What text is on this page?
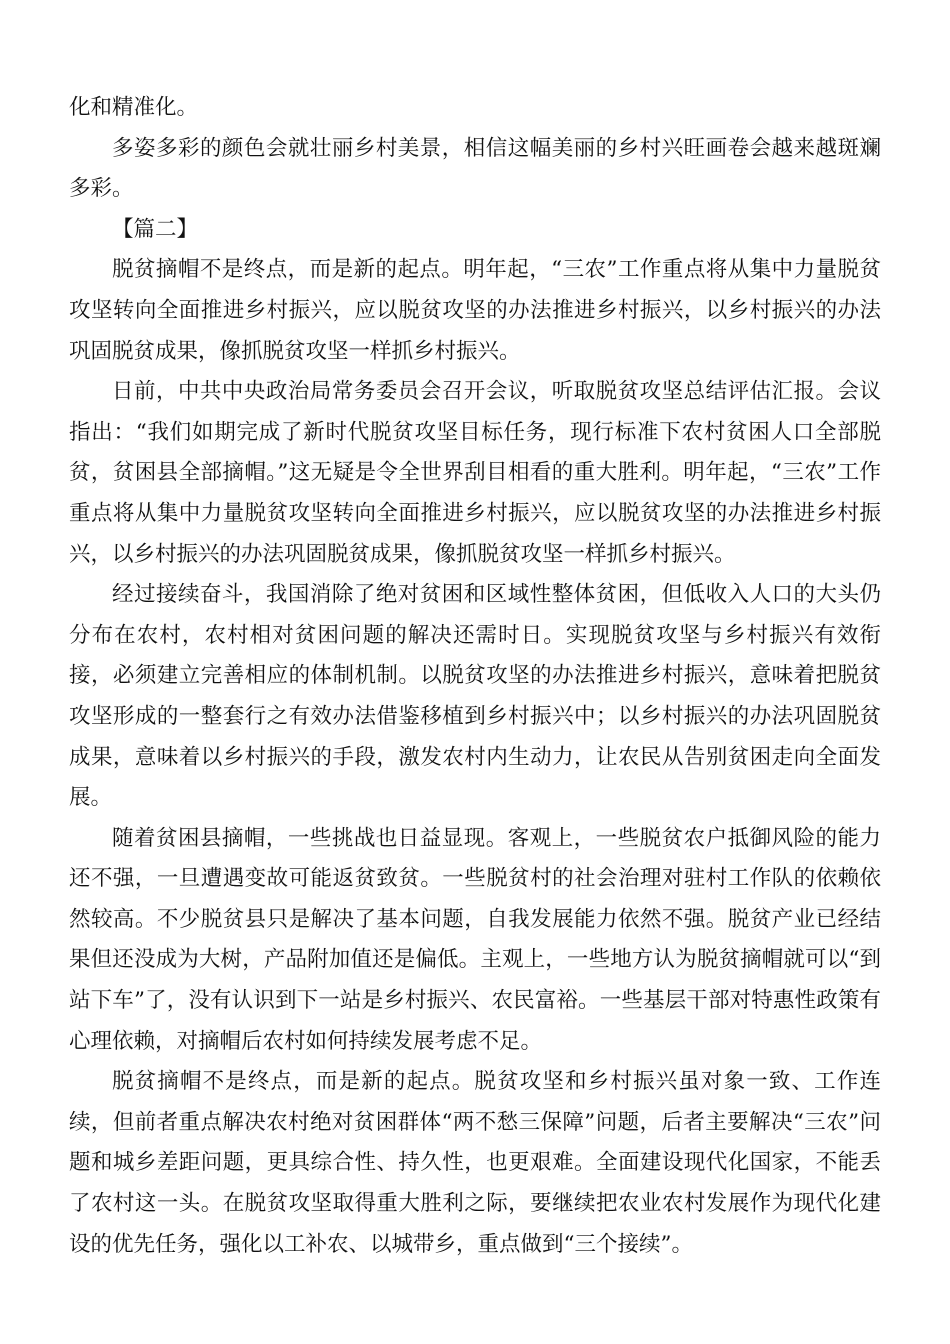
化和精准化。

多姿多彩的颜色会就壮丽乡村美景，相信这幅美丽的乡村兴旺画卷会越来越斑斓多彩。

【篇二】

脱贫摘帽不是终点，而是新的起点。明年起，“三农”工作重点将从集中力量脱贫攻坚转向全面推进乡村振兴，应以脱贫攻坚的办法推进乡村振兴，以乡村振兴的办法巩固脱贫成果，像抓脱贫攻坚一样抓乡村振兴。

日前，中共中央政治局常务委员会召开会议，听取脱贫攻坚总结评估汇报。会议指出：“我们如期完成了新时代脱贫攻坚目标任务，现行标准下农村贫困人口全部脱贫，贫困县全部摘帽。”这无疑是令全世界刮目相看的重大胜利。明年起，“三农”工作重点将从集中力量脱贫攻坚转向全面推进乡村振兴，应以脱贫攻坚的办法推进乡村振兴，以乡村振兴的办法巩固脱贫成果，像抓脱贫攻坚一样抓乡村振兴。

经过接续奋斗，我国消除了绝对贫困和区域性整体贫困，但低收入人口的大头仍分布在农村，农村相对贫困问题的解决还需时日。实现脱贫攻坚与乡村振兴有效衔接，必须建立完善相应的体制机制。以脱贫攻坚的办法推进乡村振兴，意味着把脱贫攻坚形成的一整套行之有效办法借鉴移植到乡村振兴中；以乡村振兴的办法巩固脱贫成果，意味着以乡村振兴的手段，激发农村内生动力，让农民从告别贫困走向全面发展。

随着贫困县摘帽，一些挑战也日益显现。客观上，一些脱贫农户抵御风险的能力还不强，一旦遭遇变故可能返贫致贫。一些脱贫村的社会治理对驻村工作队的依赖依然较高。不少脱贫县只是解决了基本问题，自我发展能力依然不强。脱贫产业已经结果但还没成为大树，产品附加值还是偏低。主观上，一些地方认为脱贫摘帽就可以“到站下车”了，没有认识到下一站是乡村振兴、农民富裕。一些基层干部对特惠性政策有心理依赖，对摘帽后农村如何持续发展考虑不足。

脱贫摘帽不是终点，而是新的起点。脱贫攻坚和乡村振兴虽对象一致、工作连续，但前者重点解决农村绝对贫困群体“两不愁三保障”问题，后者主要解决“三农”问题和城乡差距问题，更具综合性、持久性，也更艰难。全面建设现代化国家，不能丢了农村这一头。在脱贫攻坚取得重大胜利之际，要继续把农业农村发展作为现代化建设的优先任务，强化以工补农、以城带乡，重点做到“三个接续”。
